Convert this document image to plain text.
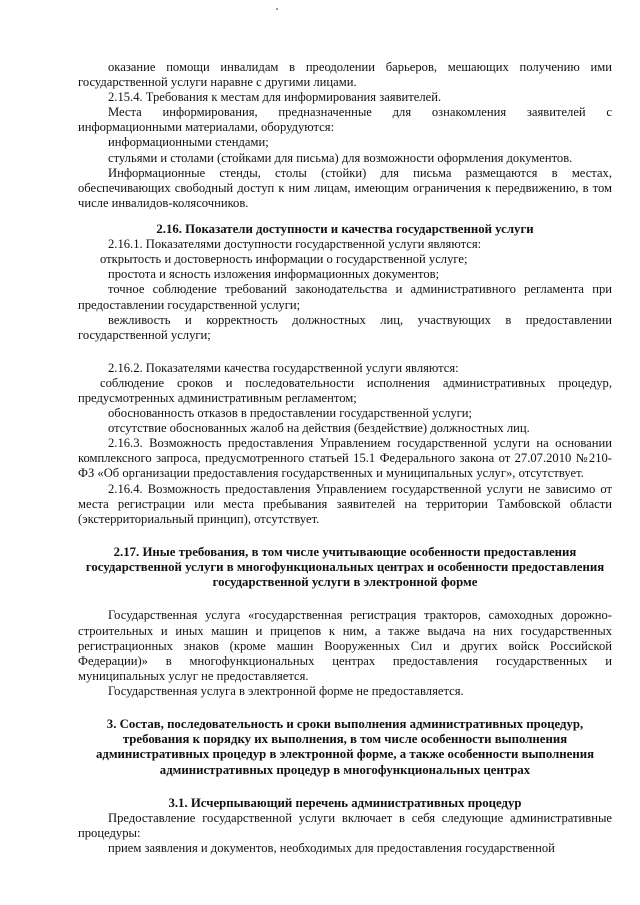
оказание помощи инвалидам в преодолении барьеров, мешающих получению ими государственной услуги наравне с другими лицами.

2.15.4. Требования к местам для информирования заявителей.

Места информирования, предназначенные для ознакомления заявителей с информационными материалами, оборудуются:

информационными стендами;

стульями и столами (стойками для письма) для возможности оформления документов.

Информационные стенды, столы (стойки) для письма размещаются в местах, обеспечивающих свободный доступ к ним лицам, имеющим ограничения к передвижению, в том числе инвалидов-колясочников.

2.16. Показатели доступности и качества государственной услуги

2.16.1. Показателями доступности государственной услуги являются:

открытость и достоверность информации о государственной услуге;

простота и ясность изложения информационных документов;

точное соблюдение требований законодательства и административного регламента при предоставлении государственной услуги;

вежливость и корректность должностных лиц, участвующих в предоставлении государственной услуги;

2.16.2. Показателями качества государственной услуги являются:

соблюдение сроков и последовательности исполнения административных процедур, предусмотренных административным регламентом;

обоснованность отказов в предоставлении государственной услуги;

отсутствие обоснованных жалоб на действия (бездействие) должностных лиц.

2.16.3. Возможность предоставления Управлением государственной услуги на основании комплексного запроса, предусмотренного статьей 15.1 Федерального закона от 27.07.2010 №210-ФЗ «Об организации предоставления государственных и муниципальных услуг», отсутствует.

2.16.4. Возможность предоставления Управлением государственной услуги не зависимо от места регистрации или места пребывания заявителей на территории Тамбовской области (экстерриториальный принцип), отсутствует.

2.17. Иные требования, в том числе учитывающие особенности предоставления государственной услуги в многофункциональных центрах и особенности предоставления государственной услуги в электронной форме

Государственная услуга «государственная регистрация тракторов, самоходных дорожно-строительных и иных машин и прицепов к ним, а также выдача на них государственных регистрационных знаков (кроме машин Вооруженных Сил и других войск Российской Федерации)» в многофункциональных центрах предоставления государственных и муниципальных услуг не предоставляется.

Государственная услуга в электронной форме не предоставляется.

3. Состав, последовательность и сроки выполнения административных процедур, требования к порядку их выполнения, в том числе особенности выполнения административных процедур в электронной форме, а также особенности выполнения административных процедур в многофункциональных центрах
3.1. Исчерпывающий перечень административных процедур

Предоставление государственной услуги включает в себя следующие административные процедуры:

прием заявления и документов, необходимых для предоставления государственной
